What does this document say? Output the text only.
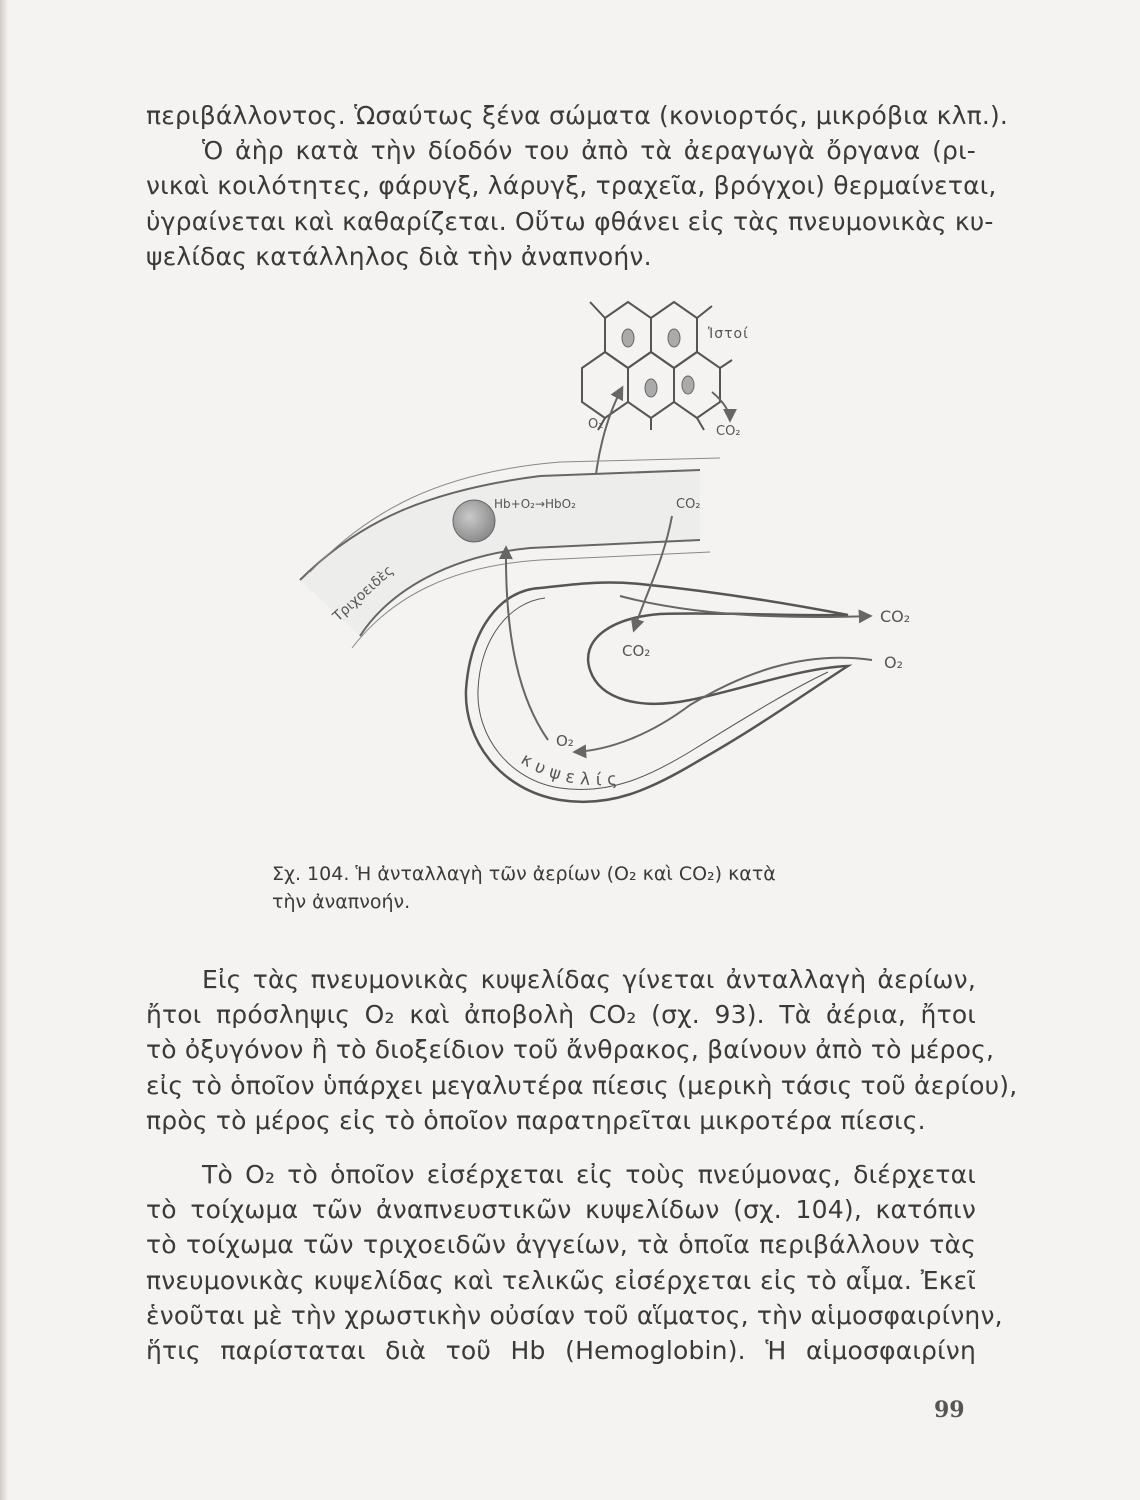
περιβάλλοντος. Ὡσαύτως ξένα σώματα (κονιορτός, μικρόβια κλπ.).
Ὁ ἀὴρ κατὰ τὴν δίοδόν του ἀπὸ τὰ ἀεραγωγὰ ὄργανα (ρι-
νικαὶ κοιλότητες, φάρυγξ, λάρυγξ, τραχεῖα, βρόγχοι) θερμαίνεται,
ὑγραίνεται καὶ καθαρίζεται. Οὕτω φθάνει εἰς τὰς πνευμονικὰς κυ-
ψελίδας κατάλληλος διὰ τὴν ἀναπνοήν.
Ἱστοί
O₂	CO₂
Τριχοειδὲς
Hb+O₂→HbO₂	CO₂
CO₂
CO₂
O₂
O₂
κυψελίς
Σχ. 104. Ἡ ἀνταλλαγὴ τῶν ἀερίων (O₂ καὶ CO₂) κατὰ
τὴν ἀναπνοήν.
Εἰς τὰς πνευμονικὰς κυψελίδας γίνεται ἀνταλλαγὴ ἀερίων,
ἤτοι πρόσληψις O₂ καὶ ἀποβολὴ CO₂ (σχ. 93). Τὰ ἀέρια, ἤτοι
τὸ ὀξυγόνον ἢ τὸ διοξείδιον τοῦ ἄνθρακος, βαίνουν ἀπὸ τὸ μέρος,
εἰς τὸ ὁποῖον ὑπάρχει μεγαλυτέρα πίεσις (μερικὴ τάσις τοῦ ἀερίου),
πρὸς τὸ μέρος εἰς τὸ ὁποῖον παρατηρεῖται μικροτέρα πίεσις.
Τὸ O₂ τὸ ὁποῖον εἰσέρχεται εἰς τοὺς πνεύμονας, διέρχεται
τὸ τοίχωμα τῶν ἀναπνευστικῶν κυψελίδων (σχ. 104), κατόπιν
τὸ τοίχωμα τῶν τριχοειδῶν ἀγγείων, τὰ ὁποῖα περιβάλλουν τὰς
πνευμονικὰς κυψελίδας καὶ τελικῶς εἰσέρχεται εἰς τὸ αἷμα. Ἐκεῖ
ἑνοῦται μὲ τὴν χρωστικὴν οὐσίαν τοῦ αἵματος, τὴν αἱμοσφαιρίνην,
ἥτις παρίσταται διὰ τοῦ Hb (Hemoglobin). Ἡ αἱμοσφαιρίνη
99
